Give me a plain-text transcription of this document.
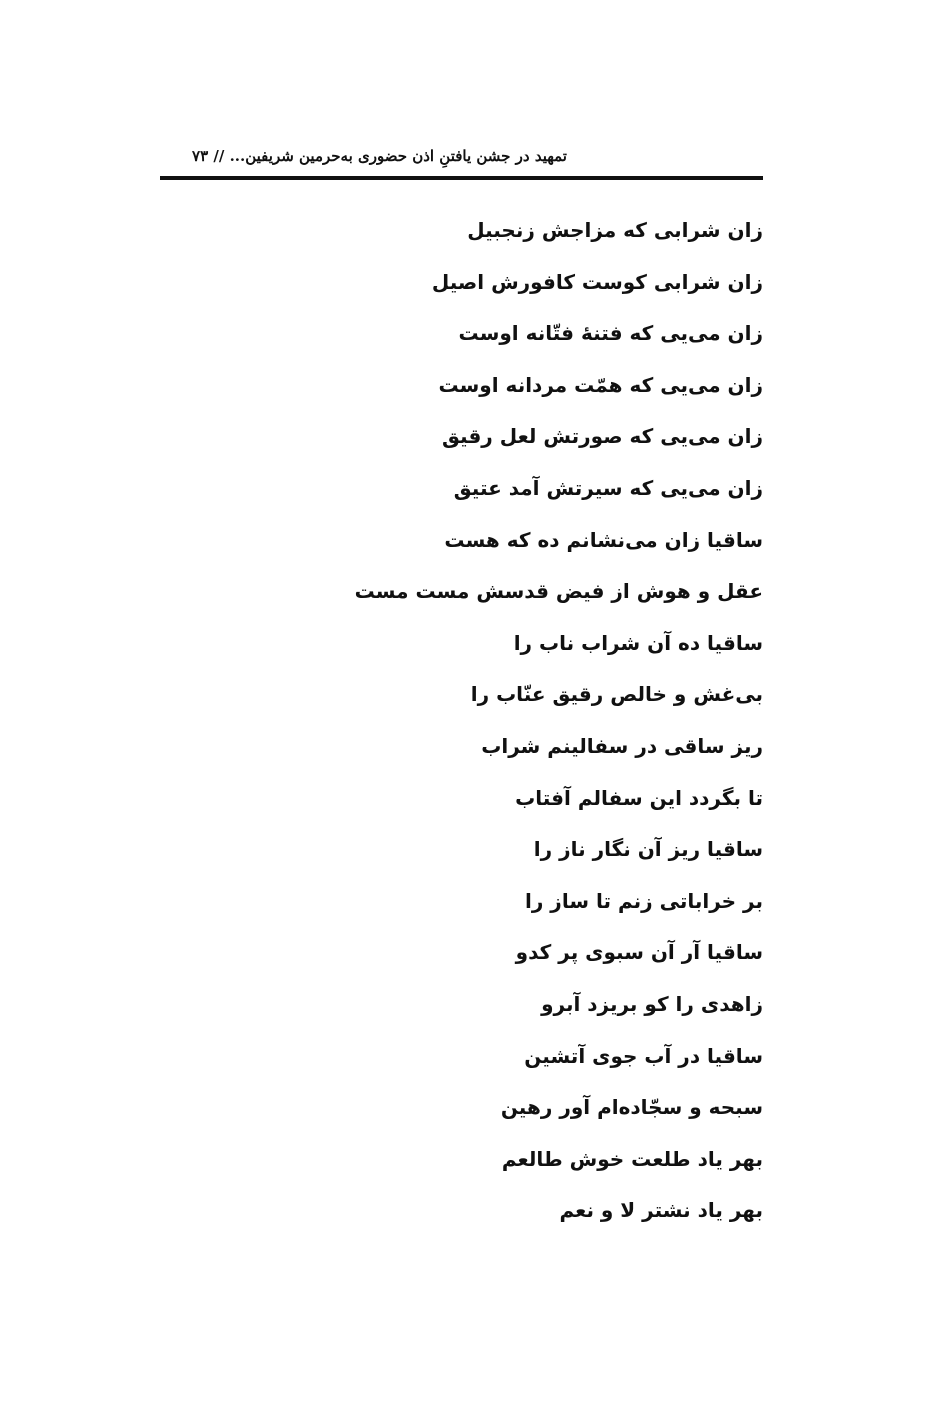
تمهید در جشن یافتنِ اذن حضوری به‌حرمین شریفین... // ۷۳
زان شرابی که مزاجش زنجبیل
زان شرابی کوست کافورش اصیل
زان می‌یی که فتنۀ فتّانه اوست
زان می‌یی که همّت مردانه اوست
زان می‌یی که صورتش لعل رقیق
زان می‌یی که سیرتش آمد عتیق
ساقیا زان می‌نشانم ده که هست
عقل و هوش از فیض قدسش مست مست
ساقیا ده آن شراب ناب را
بی‌غش و خالص رقیق عنّاب را
ریز ساقی در سفالینم شراب
تا بگردد این سفالم آفتاب
ساقیا ریز آن نگار ناز را
بر خراباتی زنم تا ساز را
ساقیا آر آن سبوی پر کدو
زاهدی را کو بریزد آبرو
ساقیا در آب جوی آتشین
سبحه و سجّاده‌ام آور رهین
بهر یاد طلعت خوش طالعم
بهر یاد نشتر لا و نعم
